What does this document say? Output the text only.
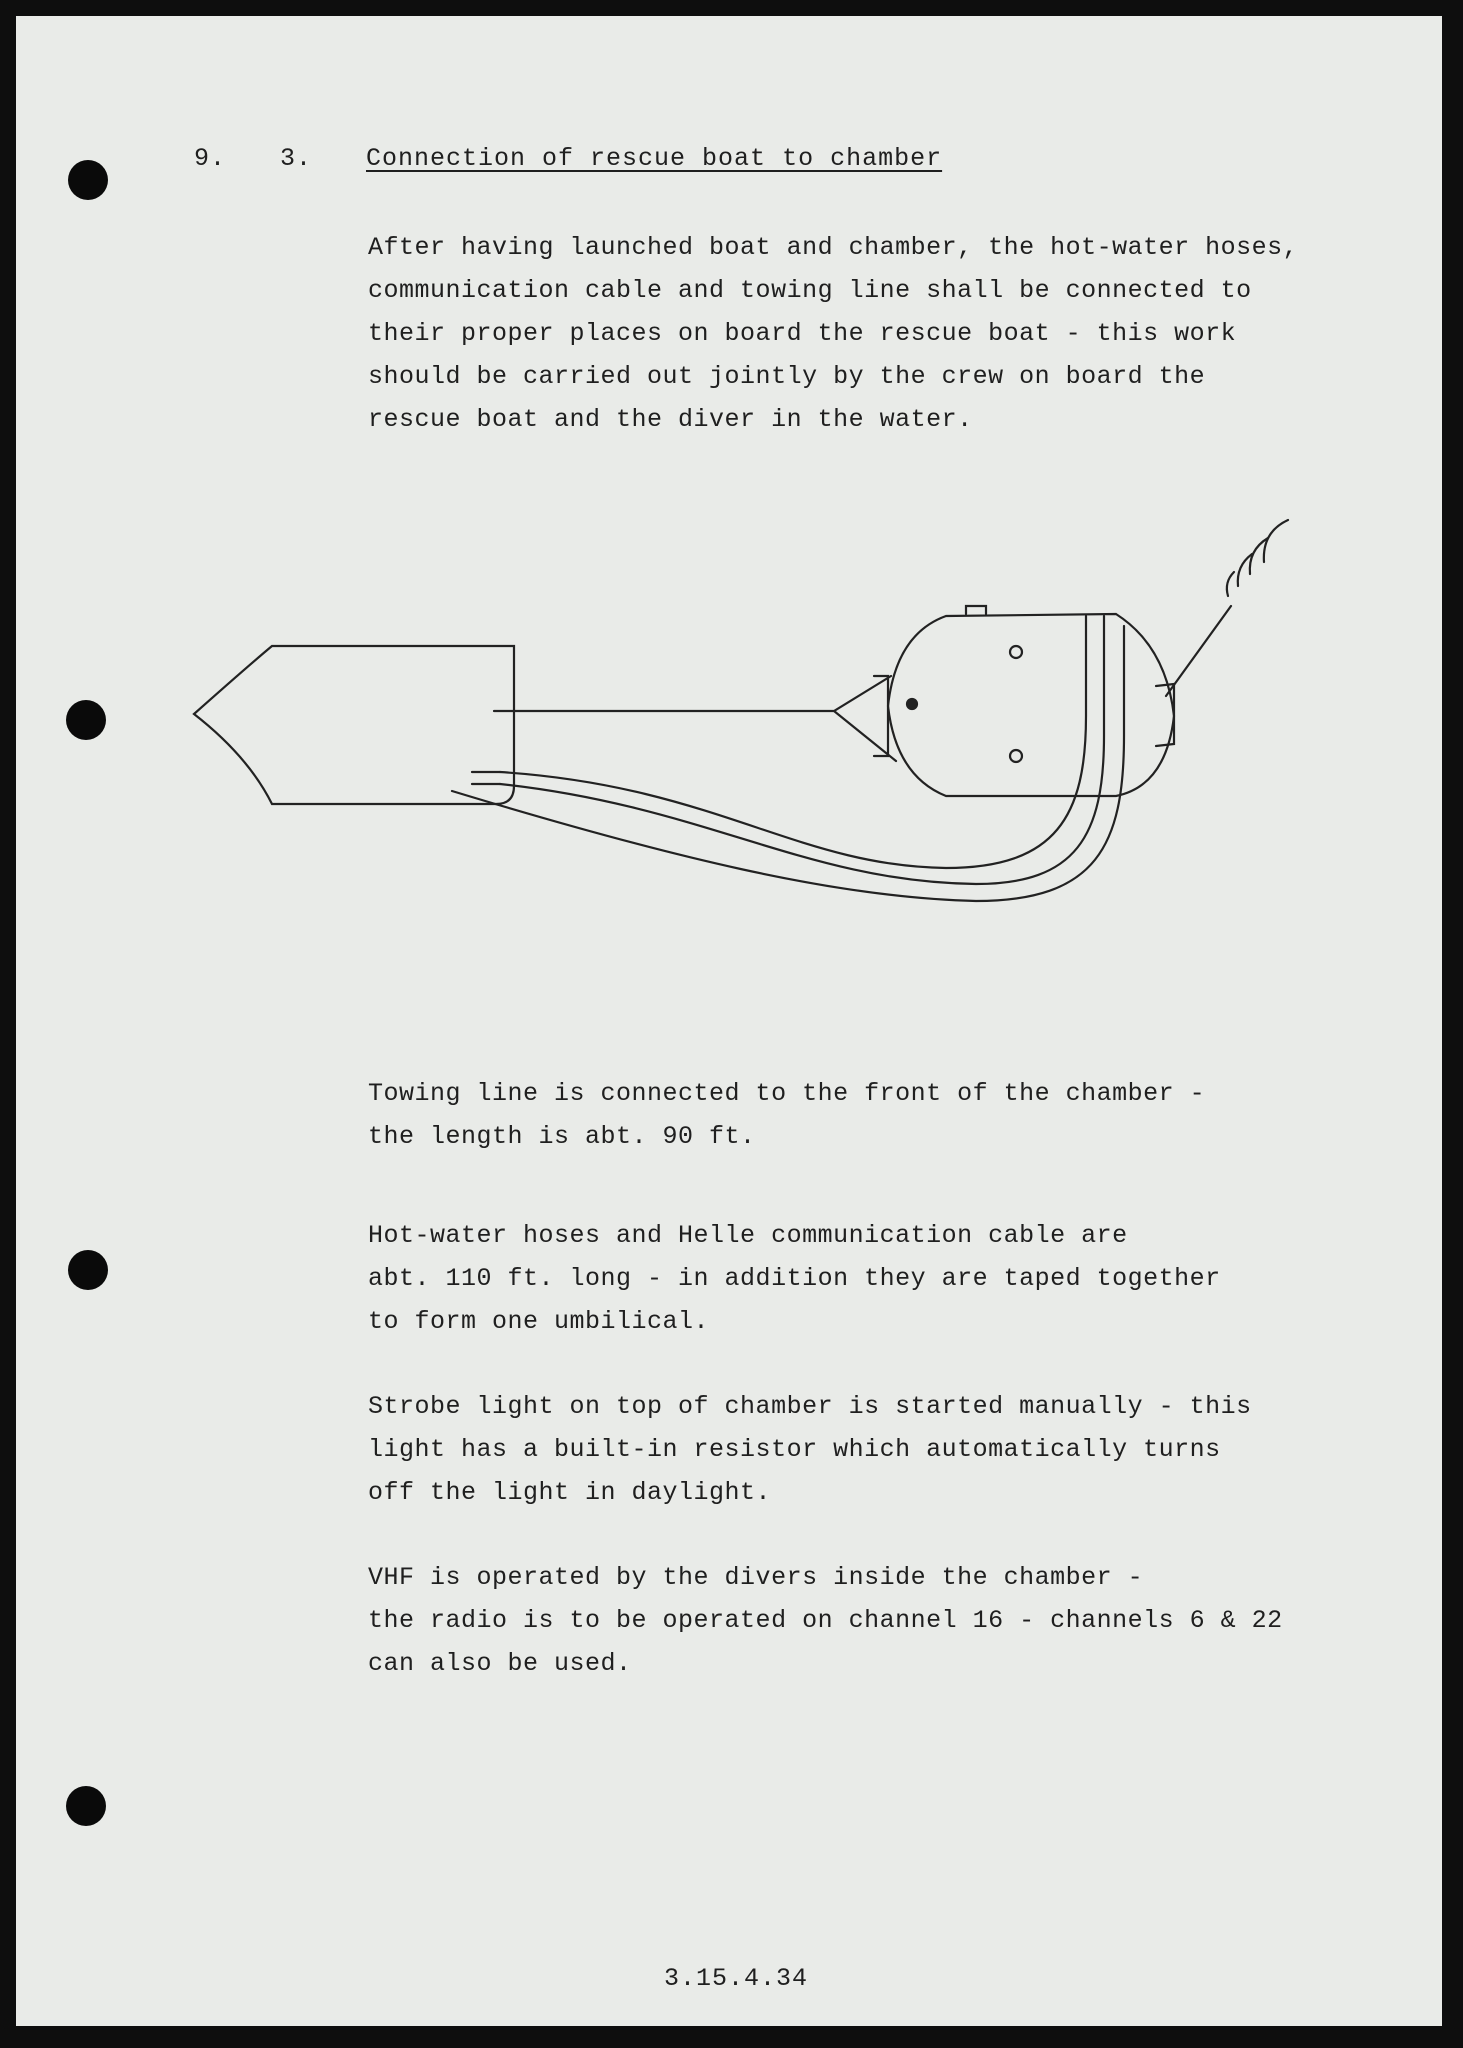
9. 3. Connection of rescue boat to chamber
After having launched boat and chamber, the hot-water hoses,
communication cable and towing line shall be connected to
their proper places on board the rescue boat - this work
should be carried out jointly by the crew on board the
rescue boat and the diver in the water.
Towing line is connected to the front of the chamber -
the length is abt. 90 ft.
Hot-water hoses and Helle communication cable are
abt. 110 ft. long - in addition they are taped together
to form one umbilical.
Strobe light on top of chamber is started manually - this
light has a built-in resistor which automatically turns
off the light in daylight.
VHF is operated by the divers inside the chamber -
the radio is to be operated on channel 16 - channels 6 & 22
can also be used.
3.15.4.34
